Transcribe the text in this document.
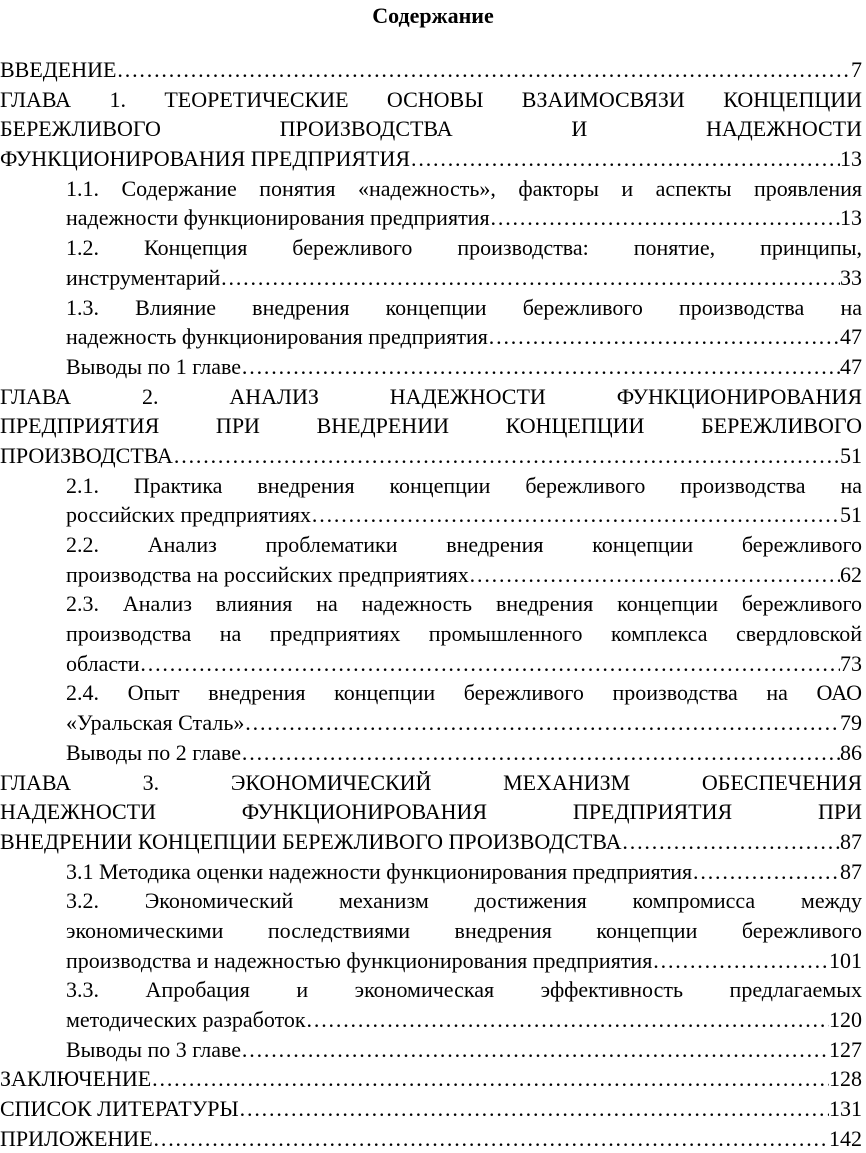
Содержание
ВВЕДЕНИЕ ……………………………………………………………………………………………………………………………………………………………………………………	7
ГЛАВА 1. ТЕОРЕТИЧЕСКИЕ ОСНОВЫ ВЗАИМОСВЯЗИ КОНЦЕПЦИИ
БЕРЕЖЛИВОГО ПРОИЗВОДСТВА И НАДЕЖНОСТИ
ФУНКЦИОНИРОВАНИЯ ПРЕДПРИЯТИЯ ……………………………………………………………………………………………………………………………………………………………………………………	13
1.1. Содержание понятия «надежность», факторы и аспекты проявления
надежности функционирования предприятия ……………………………………………………………………………………………………………………………………………………………………………………	13
1.2. Концепция бережливого производства: понятие, принципы,
инструментарий ……………………………………………………………………………………………………………………………………………………………………………………	33
1.3. Влияние внедрения концепции бережливого производства на
надежность функционирования предприятия ……………………………………………………………………………………………………………………………………………………………………………………	47
Выводы по 1 главе ……………………………………………………………………………………………………………………………………………………………………………………	47
ГЛАВА 2. АНАЛИЗ НАДЕЖНОСТИ ФУНКЦИОНИРОВАНИЯ
ПРЕДПРИЯТИЯ ПРИ ВНЕДРЕНИИ КОНЦЕПЦИИ БЕРЕЖЛИВОГО
ПРОИЗВОДСТВА ……………………………………………………………………………………………………………………………………………………………………………………	51
2.1. Практика внедрения концепции бережливого производства на
российских предприятиях ……………………………………………………………………………………………………………………………………………………………………………………	51
2.2. Анализ проблематики внедрения концепции бережливого
производства на российских предприятиях ……………………………………………………………………………………………………………………………………………………………………………………	62
2.3. Анализ влияния на надежность внедрения концепции бережливого
производства на предприятиях промышленного комплекса свердловской
области ……………………………………………………………………………………………………………………………………………………………………………………	73
2.4. Опыт внедрения концепции бережливого производства на ОАО
«Уральская Сталь» ……………………………………………………………………………………………………………………………………………………………………………………	79
Выводы по 2 главе ……………………………………………………………………………………………………………………………………………………………………………………	86
ГЛАВА 3. ЭКОНОМИЧЕСКИЙ МЕХАНИЗМ ОБЕСПЕЧЕНИЯ
НАДЕЖНОСТИ ФУНКЦИОНИРОВАНИЯ ПРЕДПРИЯТИЯ ПРИ
ВНЕДРЕНИИ КОНЦЕПЦИИ БЕРЕЖЛИВОГО ПРОИЗВОДСТВА ……………………………………………………………………………………………………………………………………………………………………………………	87
3.1 Методика оценки надежности функционирования предприятия ……………………………………………………………………………………………………………………………………………………………………………………	87
3.2. Экономический механизм достижения компромисса между
экономическими последствиями внедрения концепции бережливого
производства и надежностью функционирования предприятия ……………………………………………………………………………………………………………………………………………………………………………………	101
3.3. Апробация и экономическая эффективность предлагаемых
методических разработок ……………………………………………………………………………………………………………………………………………………………………………………	120
Выводы по 3 главе ……………………………………………………………………………………………………………………………………………………………………………………	127
ЗАКЛЮЧЕНИЕ ……………………………………………………………………………………………………………………………………………………………………………………	128
СПИСОК ЛИТЕРАТУРЫ ……………………………………………………………………………………………………………………………………………………………………………………	131
ПРИЛОЖЕНИЕ ……………………………………………………………………………………………………………………………………………………………………………………	142
